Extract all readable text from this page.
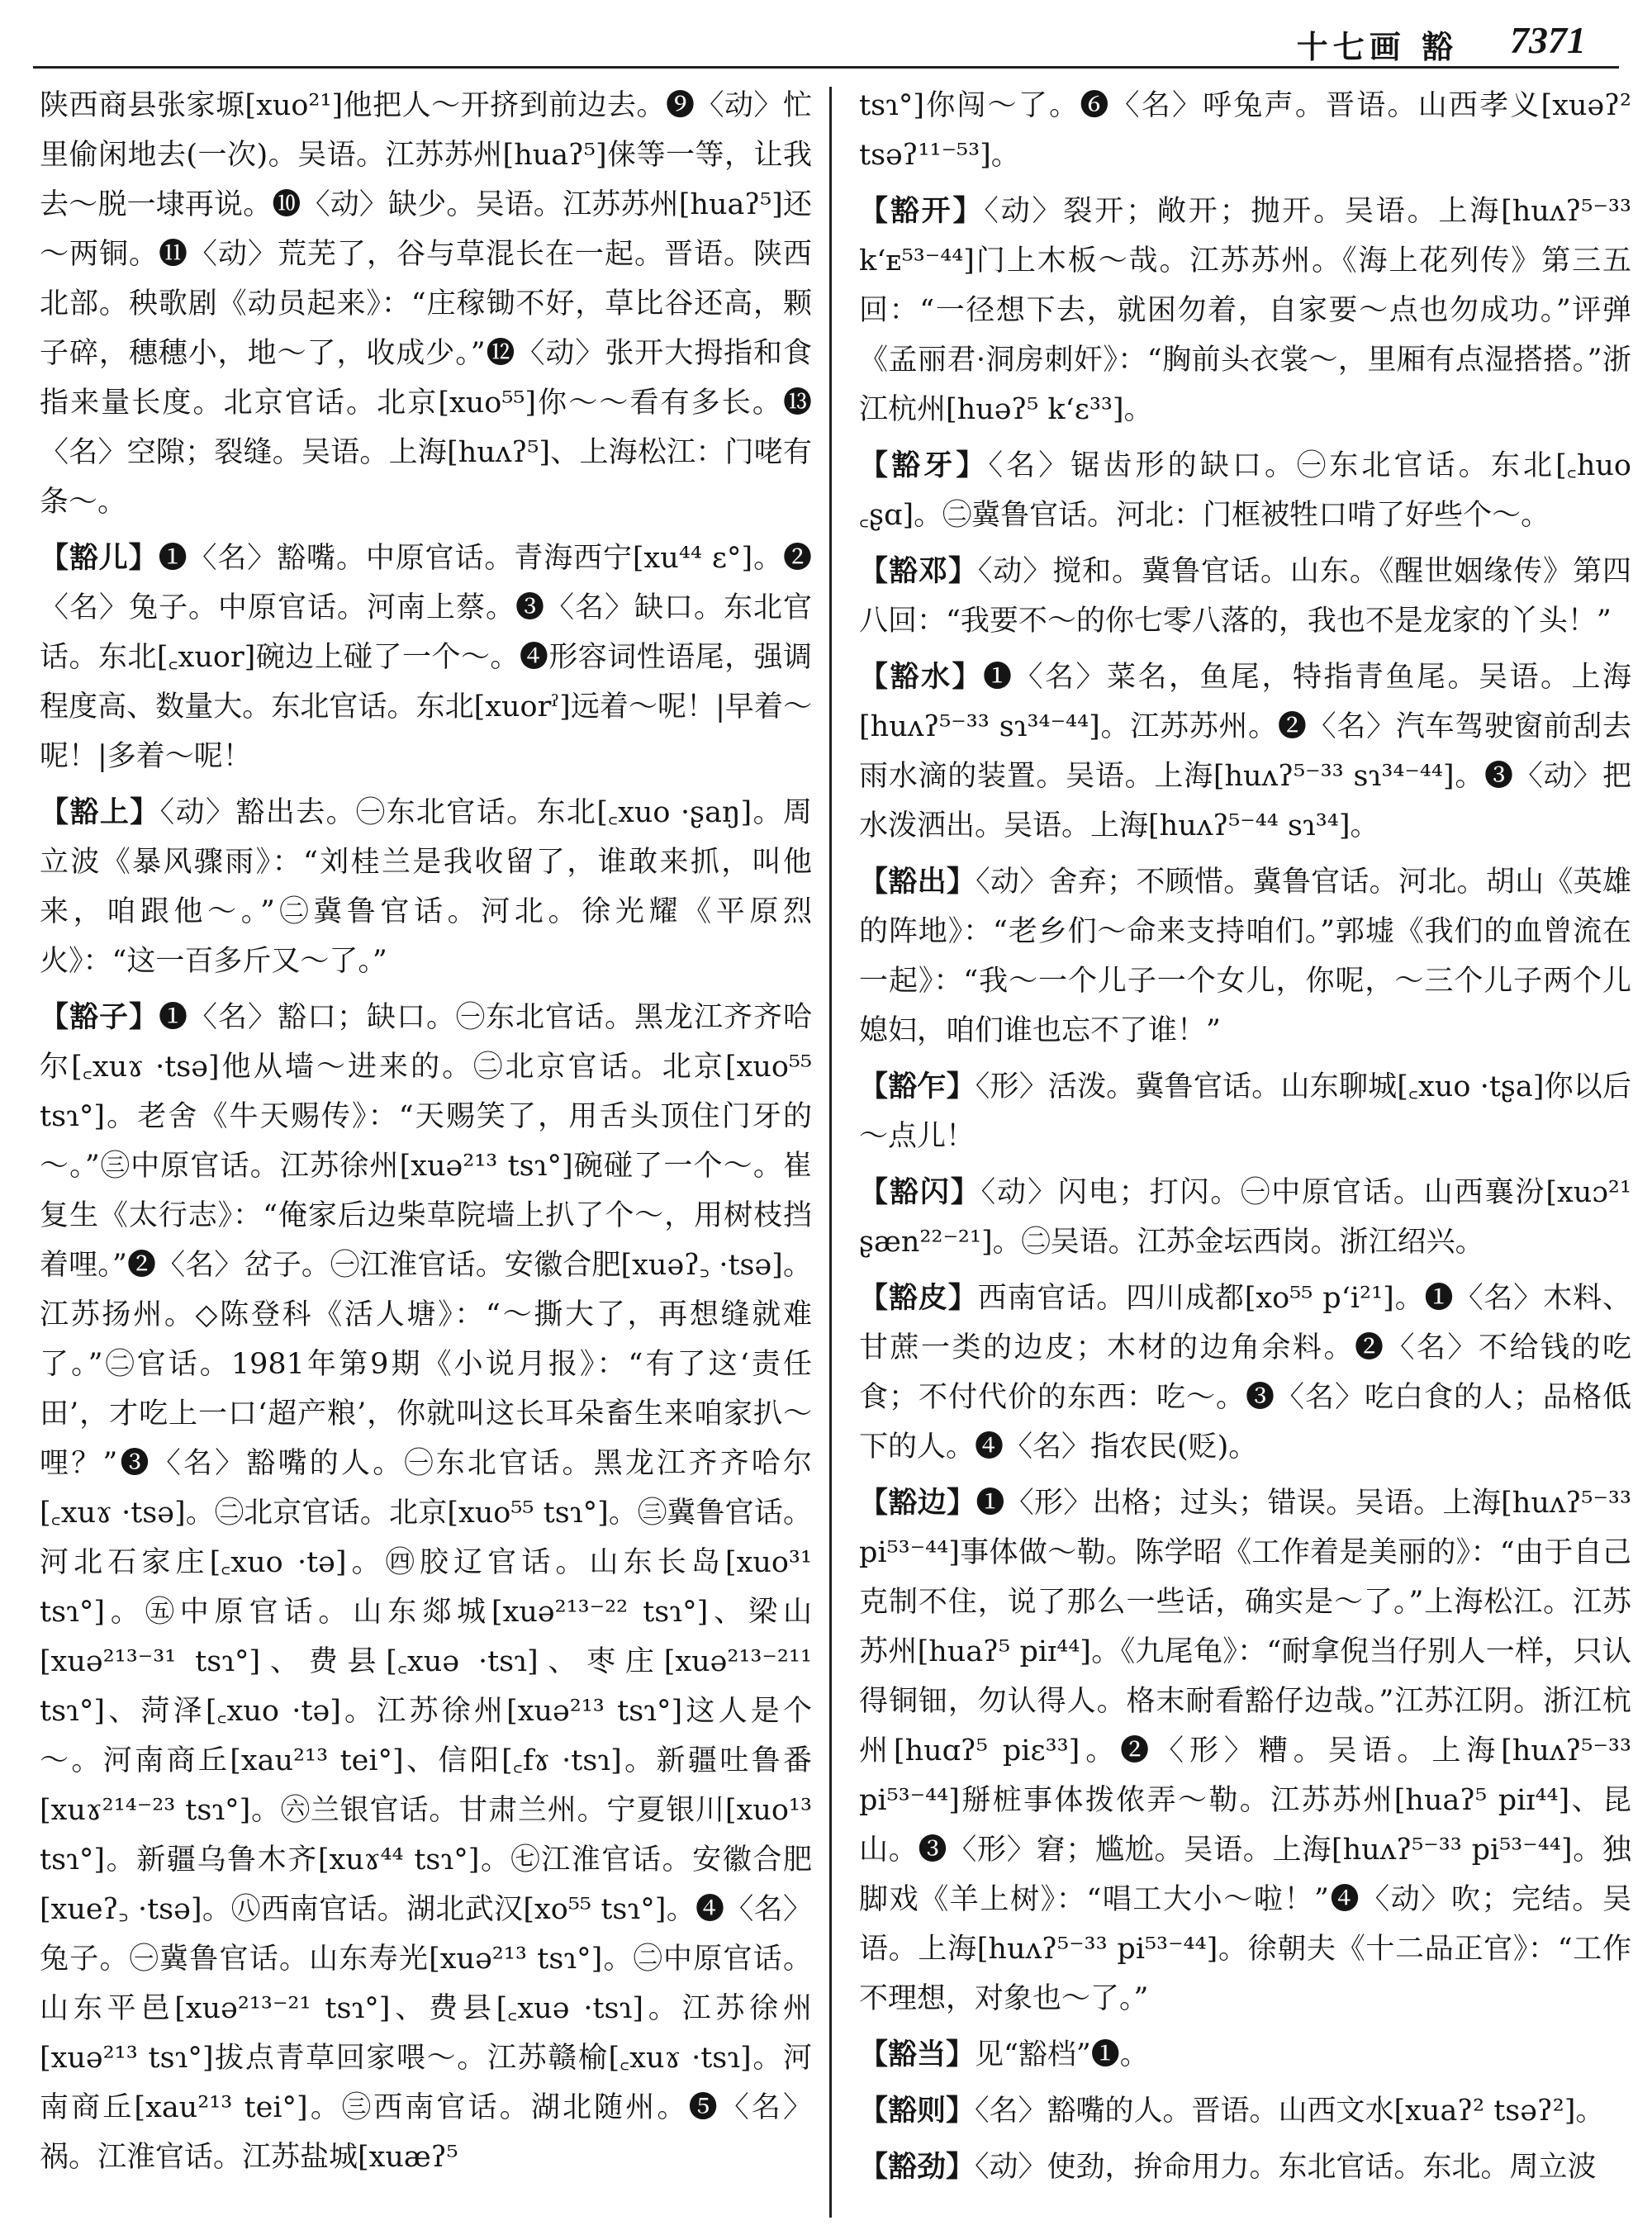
十七画 豁 7371

陕西商县张家塬[xuo²¹]他把人～开挤到前边去。❾〈动〉忙里偷闲地去(一次)。吴语。江苏苏州[huaʔ⁵]俫等一等，让我去～脱一埭再说。❿〈动〉缺少。吴语。江苏苏州[huaʔ⁵]还～两铜。⓫〈动〉荒芜了，谷与草混长在一起。晋语。陕西北部。秧歌剧《动员起来》：“庄稼锄不好，草比谷还高，颗子碎，穗穗小，地～了，收成少。”⓬〈动〉张开大拇指和食指来量长度。北京官话。北京[xuo⁵⁵]你～～看有多长。⓭〈名〉空隙；裂缝。吴语。上海[huʌʔ⁵]、上海松江：门咾有条～。

【豁儿】❶〈名〉豁嘴。中原官话。青海西宁[xu⁴⁴ ɛ°]。❷〈名〉兔子。中原官话。河南上蔡。❸〈名〉缺口。东北官话。东北[꜀xuor]碗边上碰了一个～。❹形容词性语尾，强调程度高、数量大。东北官话。东北[xuorˀ]远着～呢！|早着～呢！|多着～呢！

【豁上】〈动〉豁出去。㊀东北官话。东北[꜀xuo ·ʂaŋ]。周立波《暴风骤雨》：“刘桂兰是我收留了，谁敢来抓，叫他来，咱跟他～。”㊁冀鲁官话。河北。徐光耀《平原烈火》：“这一百多斤又～了。”

【豁子】❶〈名〉豁口；缺口。㊀东北官话。黑龙江齐齐哈尔[꜀xuɤ ·tsə]他从墙～进来的。㊁北京官话。北京[xuo⁵⁵ tsɿ°]。老舍《牛天赐传》：“天赐笑了，用舌头顶住门牙的～。”㊂中原官话。江苏徐州[xuə²¹³ tsɿ°]碗碰了一个～。崔复生《太行志》：“俺家后边柴草院墙上扒了个～，用树枝挡着哩。”❷〈名〉岔子。㊀江淮官话。安徽合肥[xuəʔ꜆ ·tsə]。江苏扬州。◇陈登科《活人塘》：“～撕大了，再想缝就难了。”㊁官话。1981年第9期《小说月报》：“有了这‘责任田’，才吃上一口‘超产粮’，你就叫这长耳朵畜生来咱家扒～哩？”❸〈名〉豁嘴的人。㊀东北官话。黑龙江齐齐哈尔[꜀xuɤ ·tsə]。㊁北京官话。北京[xuo⁵⁵ tsɿ°]。㊂冀鲁官话。河北石家庄[꜀xuo ·tə]。㊃胶辽官话。山东长岛[xuo³¹ tsɿ°]。㊄中原官话。山东郯城[xuə²¹³⁻²² tsɿ°]、梁山[xuə²¹³⁻³¹ tsɿ°]、费县[꜀xuə ·tsɿ]、枣庄[xuə²¹³⁻²¹¹ tsɿ°]、菏泽[꜀xuo ·tə]。江苏徐州[xuə²¹³ tsɿ°]这人是个～。河南商丘[xau²¹³ tei°]、信阳[꜀fɤ ·tsɿ]。新疆吐鲁番[xuɤ²¹⁴⁻²³ tsɿ°]。㊅兰银官话。甘肃兰州。宁夏银川[xuo¹³ tsɿ°]。新疆乌鲁木齐[xuɤ⁴⁴ tsɿ°]。㊆江淮官话。安徽合肥[xueʔ꜆ ·tsə]。㊇西南官话。湖北武汉[xo⁵⁵ tsɿ°]。❹〈名〉兔子。㊀冀鲁官话。山东寿光[xuə²¹³ tsɿ°]。㊁中原官话。山东平邑[xuə²¹³⁻²¹ tsɿ°]、费县[꜀xuə ·tsɿ]。江苏徐州[xuə²¹³ tsɿ°]拔点青草回家喂～。江苏赣榆[꜀xuɤ ·tsɿ]。河南商丘[xau²¹³ tei°]。㊂西南官话。湖北随州。❺〈名〉祸。江淮官话。江苏盐城[xuæʔ⁵

tsɿ°]你闯～了。❻〈名〉呼兔声。晋语。山西孝义[xuəʔ² tsəʔ¹¹⁻⁵³]。

【豁开】〈动〉裂开；敞开；抛开。吴语。上海[huʌʔ⁵⁻³³ kʻᴇ⁵³⁻⁴⁴]门上木板～哉。江苏苏州。《海上花列传》第三五回：“一径想下去，就困勿着，自家要～点也勿成功。”评弹《孟丽君·洞房刺奸》：“胸前头衣裳～，里厢有点湿搭搭。”浙江杭州[huəʔ⁵ kʻɛ³³]。

【豁牙】〈名〉锯齿形的缺口。㊀东北官话。东北[꜀huo ꜀ʂɑ]。㊁冀鲁官话。河北：门框被牲口啃了好些个～。

【豁邓】〈动〉搅和。冀鲁官话。山东。《醒世姻缘传》第四八回：“我要不～的你七零八落的，我也不是龙家的丫头！”

【豁水】❶〈名〉菜名，鱼尾，特指青鱼尾。吴语。上海[huʌʔ⁵⁻³³ sɿ³⁴⁻⁴⁴]。江苏苏州。❷〈名〉汽车驾驶窗前刮去雨水滴的装置。吴语。上海[huʌʔ⁵⁻³³ sɿ³⁴⁻⁴⁴]。❸〈动〉把水泼洒出。吴语。上海[huʌʔ⁵⁻⁴⁴ sɿ³⁴]。

【豁出】〈动〉舍弃；不顾惜。冀鲁官话。河北。胡山《英雄的阵地》：“老乡们～命来支持咱们。”郭墟《我们的血曾流在一起》：“我～一个儿子一个女儿，你呢，～三个儿子两个儿媳妇，咱们谁也忘不了谁！”

【豁乍】〈形〉活泼。冀鲁官话。山东聊城[꜀xuo ·tʂa]你以后～点儿！

【豁闪】〈动〉闪电；打闪。㊀中原官话。山西襄汾[xuɔ²¹ ʂæn²²⁻²¹]。㊁吴语。江苏金坛西岗。浙江绍兴。

【豁皮】西南官话。四川成都[xo⁵⁵ pʻi²¹]。❶〈名〉木料、甘蔗一类的边皮；木材的边角余料。❷〈名〉不给钱的吃食；不付代价的东西：吃～。❸〈名〉吃白食的人；品格低下的人。❹〈名〉指农民(贬)。

【豁边】❶〈形〉出格；过头；错误。吴语。上海[huʌʔ⁵⁻³³ pi⁵³⁻⁴⁴]事体做～勒。陈学昭《工作着是美丽的》：“由于自己克制不住，说了那么一些话，确实是～了。”上海松江。江苏苏州[huaʔ⁵ piɪ⁴⁴]。《九尾龟》：“耐拿倪当仔别人一样，只认得铜钿，勿认得人。格末耐看豁仔边哉。”江苏江阴。浙江杭州[huɑʔ⁵ piɛ³³]。❷〈形〉糟。吴语。上海[huʌʔ⁵⁻³³ pi⁵³⁻⁴⁴]掰桩事体拨侬弄～勒。江苏苏州[huaʔ⁵ piɪ⁴⁴]、昆山。❸〈形〉窘；尴尬。吴语。上海[huʌʔ⁵⁻³³ pi⁵³⁻⁴⁴]。独脚戏《羊上树》：“唱工大小～啦！”❹〈动〉吹；完结。吴语。上海[huʌʔ⁵⁻³³ pi⁵³⁻⁴⁴]。徐朝夫《十二品正官》：“工作不理想，对象也～了。”

【豁当】见“豁档”❶。

【豁则】〈名〉豁嘴的人。晋语。山西文水[xuaʔ² tsəʔ²]。

【豁劲】〈动〉使劲，拚命用力。东北官话。东北。周立波
